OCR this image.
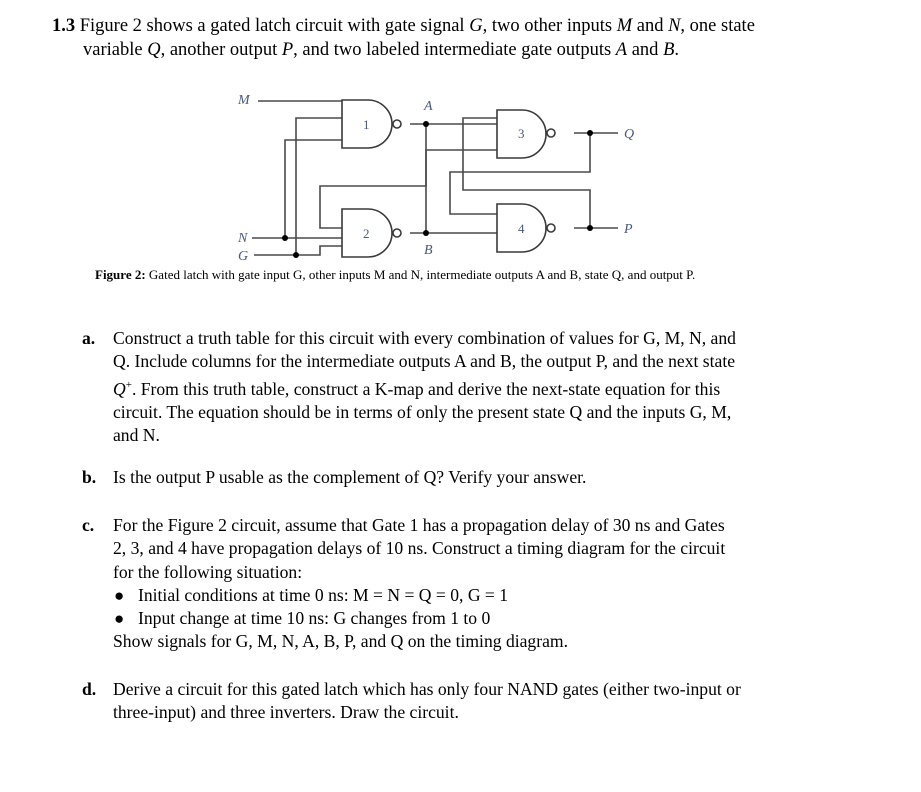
1.3 Figure 2 shows a gated latch circuit with gate signal G, two other inputs M and N, one state
variable Q, another output P, and two labeled intermediate gate outputs A and B.
M
N
G
A
B
Q
P
1
2
3
4
Figure 2: Gated latch with gate input G, other inputs M and N, intermediate outputs A and B, state Q, and output P.
a. Construct a truth table for this circuit with every combination of values for G, M, N, and
Q. Include columns for the intermediate outputs A and B, the output P, and the next state
Q+. From this truth table, construct a K-map and derive the next-state equation for this
circuit. The equation should be in terms of only the present state Q and the inputs G, M,
and N.
b. Is the output P usable as the complement of Q? Verify your answer.
c. For the Figure 2 circuit, assume that Gate 1 has a propagation delay of 30 ns and Gates
2, 3, and 4 have propagation delays of 10 ns. Construct a timing diagram for the circuit
for the following situation:
● Initial conditions at time 0 ns: M = N = Q = 0, G = 1
● Input change at time 10 ns: G changes from 1 to 0
Show signals for G, M, N, A, B, P, and Q on the timing diagram.
d. Derive a circuit for this gated latch which has only four NAND gates (either two-input or
three-input) and three inverters. Draw the circuit.
